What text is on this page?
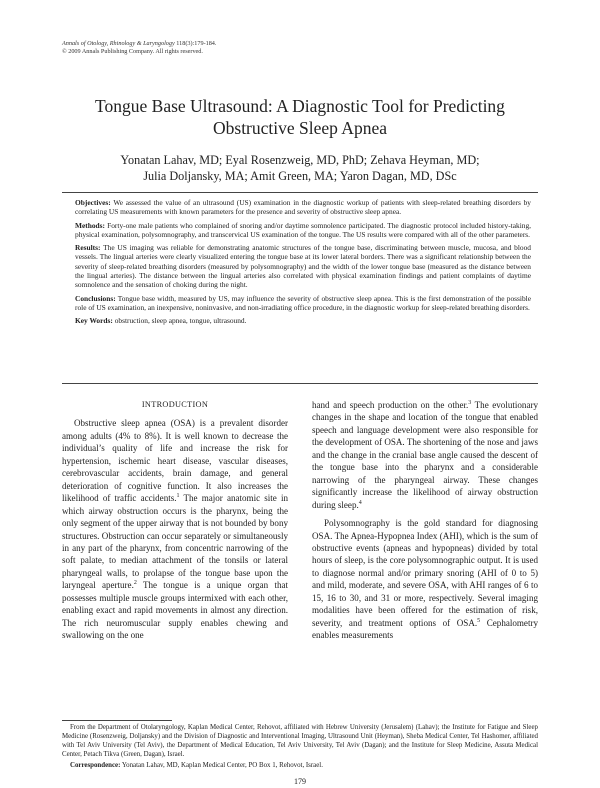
Annals of Otology, Rhinology & Laryngology 118(3):179-184.
© 2009 Annals Publishing Company. All rights reserved.
Tongue Base Ultrasound: A Diagnostic Tool for Predicting
Obstructive Sleep Apnea
Yonatan Lahav, MD; Eyal Rosenzweig, MD, PhD; Zehava Heyman, MD;
Julia Doljansky, MA; Amit Green, MA; Yaron Dagan, MD, DSc

Objectives: We assessed the value of an ultrasound (US) examination in the diagnostic workup of patients with sleep-related breathing disorders by correlating US measurements with known parameters for the presence and severity of obstructive sleep apnea.

Methods: Forty-one male patients who complained of snoring and/or daytime somnolence participated. The diagnostic protocol included history-taking, physical examination, polysomnography, and transcervical US examination of the tongue. The US results were compared with all of the other parameters.

Results: The US imaging was reliable for demonstrating anatomic structures of the tongue base, discriminating between muscle, mucosa, and blood vessels. The lingual arteries were clearly visualized entering the tongue base at its lower lateral borders. There was a significant relationship between the severity of sleep-related breathing disorders (measured by polysomnography) and the width of the lower tongue base (measured as the distance between the lingual arteries). The distance between the lingual arteries also correlated with physical examination findings and patient complaints of daytime somnolence and the sensation of choking during the night.

Conclusions: Tongue base width, measured by US, may influence the severity of obstructive sleep apnea. This is the first demonstration of the possible role of US examination, an inexpensive, noninvasive, and non-irradiating office procedure, in the diagnostic workup for sleep-related breathing disorders.

Key Words: obstruction, sleep apnea, tongue, ultrasound.

INTRODUCTION

Obstructive sleep apnea (OSA) is a prevalent disorder among adults (4% to 8%). It is well known to decrease the individual’s quality of life and increase the risk for hypertension, ischemic heart disease, vascular diseases, cerebrovascular accidents, brain damage, and general deterioration of cognitive function. It also increases the likelihood of traffic accidents.$^1$ The major anatomic site in which airway obstruction occurs is the pharynx, being the only segment of the upper airway that is not bounded by bony structures. Obstruction can occur separately or simultaneously in any part of the pharynx, from concentric narrowing of the soft palate, to median attachment of the tonsils or lateral pharyngeal walls, to prolapse of the tongue base upon the laryngeal aperture.$^2$ The tongue is a unique organ that possesses multiple muscle groups intermixed with each other, enabling exact and rapid movements in almost any direction. The rich neuromuscular supply enables chewing and swallowing on the one

hand and speech production on the other.$^3$ The evolutionary changes in the shape and location of the tongue that enabled speech and language development were also responsible for the development of OSA. The shortening of the nose and jaws and the change in the cranial base angle caused the descent of the tongue base into the pharynx and a considerable narrowing of the pharyngeal airway. These changes significantly increase the likelihood of airway obstruction during sleep.$^4$

Polysomnography is the gold standard for diagnosing OSA. The Apnea-Hypopnea Index (AHI), which is the sum of obstructive events (apneas and hypopneas) divided by total hours of sleep, is the core polysomnographic output. It is used to diagnose normal and/or primary snoring (AHI of 0 to 5) and mild, moderate, and severe OSA, with AHI ranges of 6 to 15, 16 to 30, and 31 or more, respectively. Several imaging modalities have been offered for the estimation of risk, severity, and treatment options of OSA.$^5$ Cephalometry enables measurements

From the Department of Otolaryngology, Kaplan Medical Center, Rehovot, affiliated with Hebrew University (Jerusalem) (Lahav); the Institute for Fatigue and Sleep Medicine (Rosenzweig, Doljansky) and the Division of Diagnostic and Interventional Imaging, Ultrasound Unit (Heyman), Sheba Medical Center, Tel Hashomer, affiliated with Tel Aviv University (Tel Aviv), the Department of Medical Education, Tel Aviv University, Tel Aviv (Dagan); and the Institute for Sleep Medicine, Assuta Medical Center, Petach Tikva (Green, Dagan), Israel.

Correspondence: Yonatan Lahav, MD, Kaplan Medical Center, PO Box 1, Rehovot, Israel.

179
